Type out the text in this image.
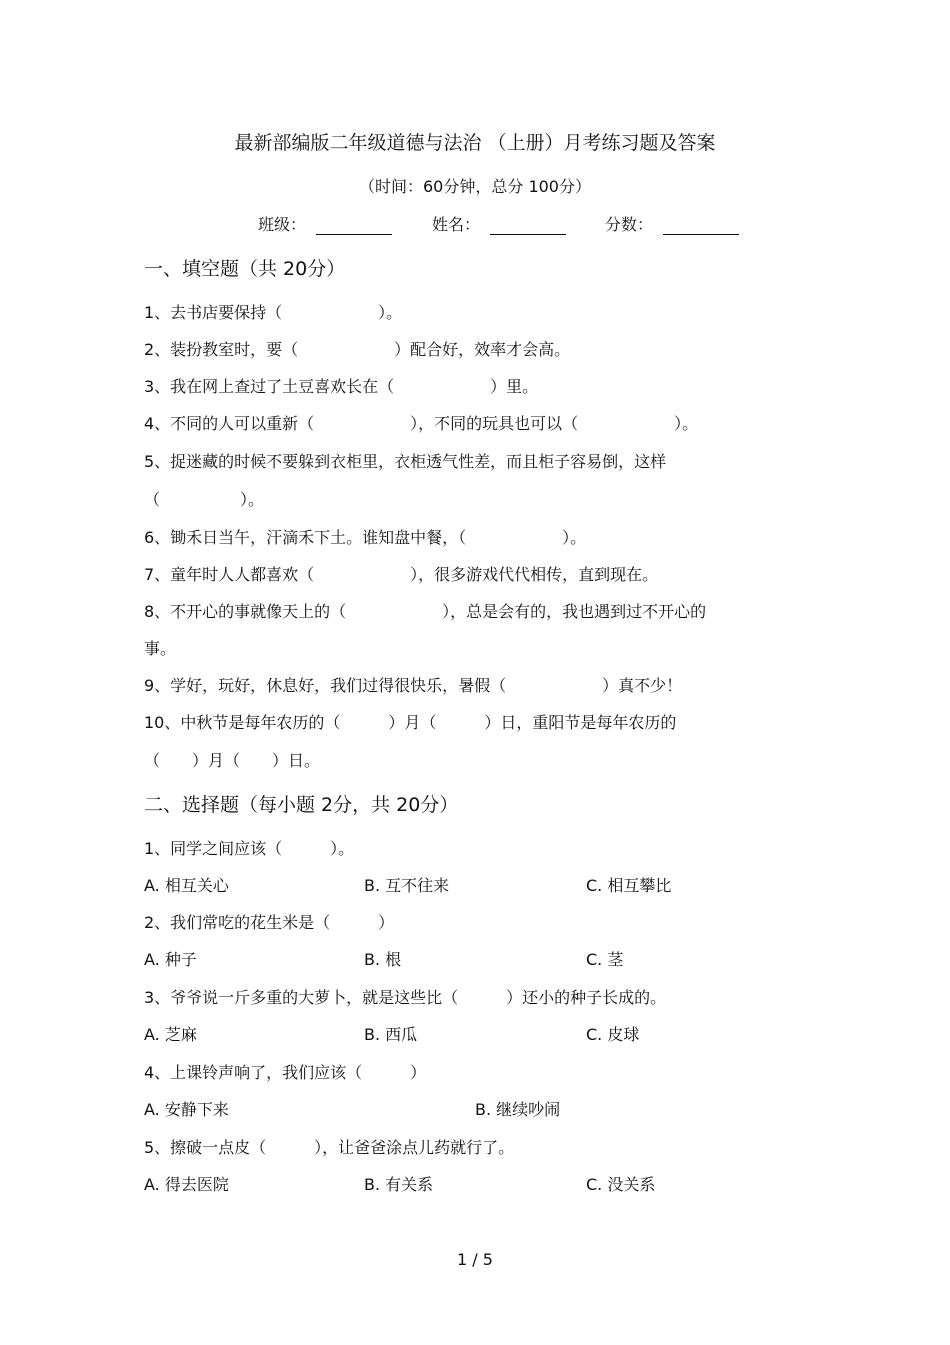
最新部编版二年级道德与法治 （上册）月考练习题及答案
（时间：60分钟，总分 100分）
班级：	姓名：	分数：
一、填空题（共 20分）
1、去书店要保持（　　　　　　）。
2、装扮教室时，要（　　　　　　）配合好，效率才会高。
3、我在网上查过了土豆喜欢长在（　　　　　　）里。
4、不同的人可以重新（　　　　　　），不同的玩具也可以（　　　　　　）。
5、捉迷藏的时候不要躲到衣柜里，衣柜透气性差，而且柜子容易倒，这样
（　　　　　）。
6、锄禾日当午，汗滴禾下土。谁知盘中餐，（　　　　　　）。
7、童年时人人都喜欢（　　　　　　），很多游戏代代相传，直到现在。
8、不开心的事就像天上的（　　　　　　），总是会有的，我也遇到过不开心的
事。
9、学好，玩好，休息好，我们过得很快乐，暑假（　　　　　　）真不少！
10、中秋节是每年农历的（　　　）月（　　　）日，重阳节是每年农历的
（　　）月（　　）日。
二、选择题（每小题 2分，共 20分）
1、同学之间应该（　　　）。
A. 相互关心	B. 互不往来	C. 相互攀比
2、我们常吃的花生米是（　　　）
A. 种子	B. 根	C. 茎
3、爷爷说一斤多重的大萝卜，就是这些比（　　　）还小的种子长成的。
A. 芝麻	B. 西瓜	C. 皮球
4、上课铃声响了，我们应该（　　　）
A. 安静下来	B. 继续吵闹
5、擦破一点皮（　　　），让爸爸涂点儿药就行了。
A. 得去医院	B. 有关系	C. 没关系
1 / 5
